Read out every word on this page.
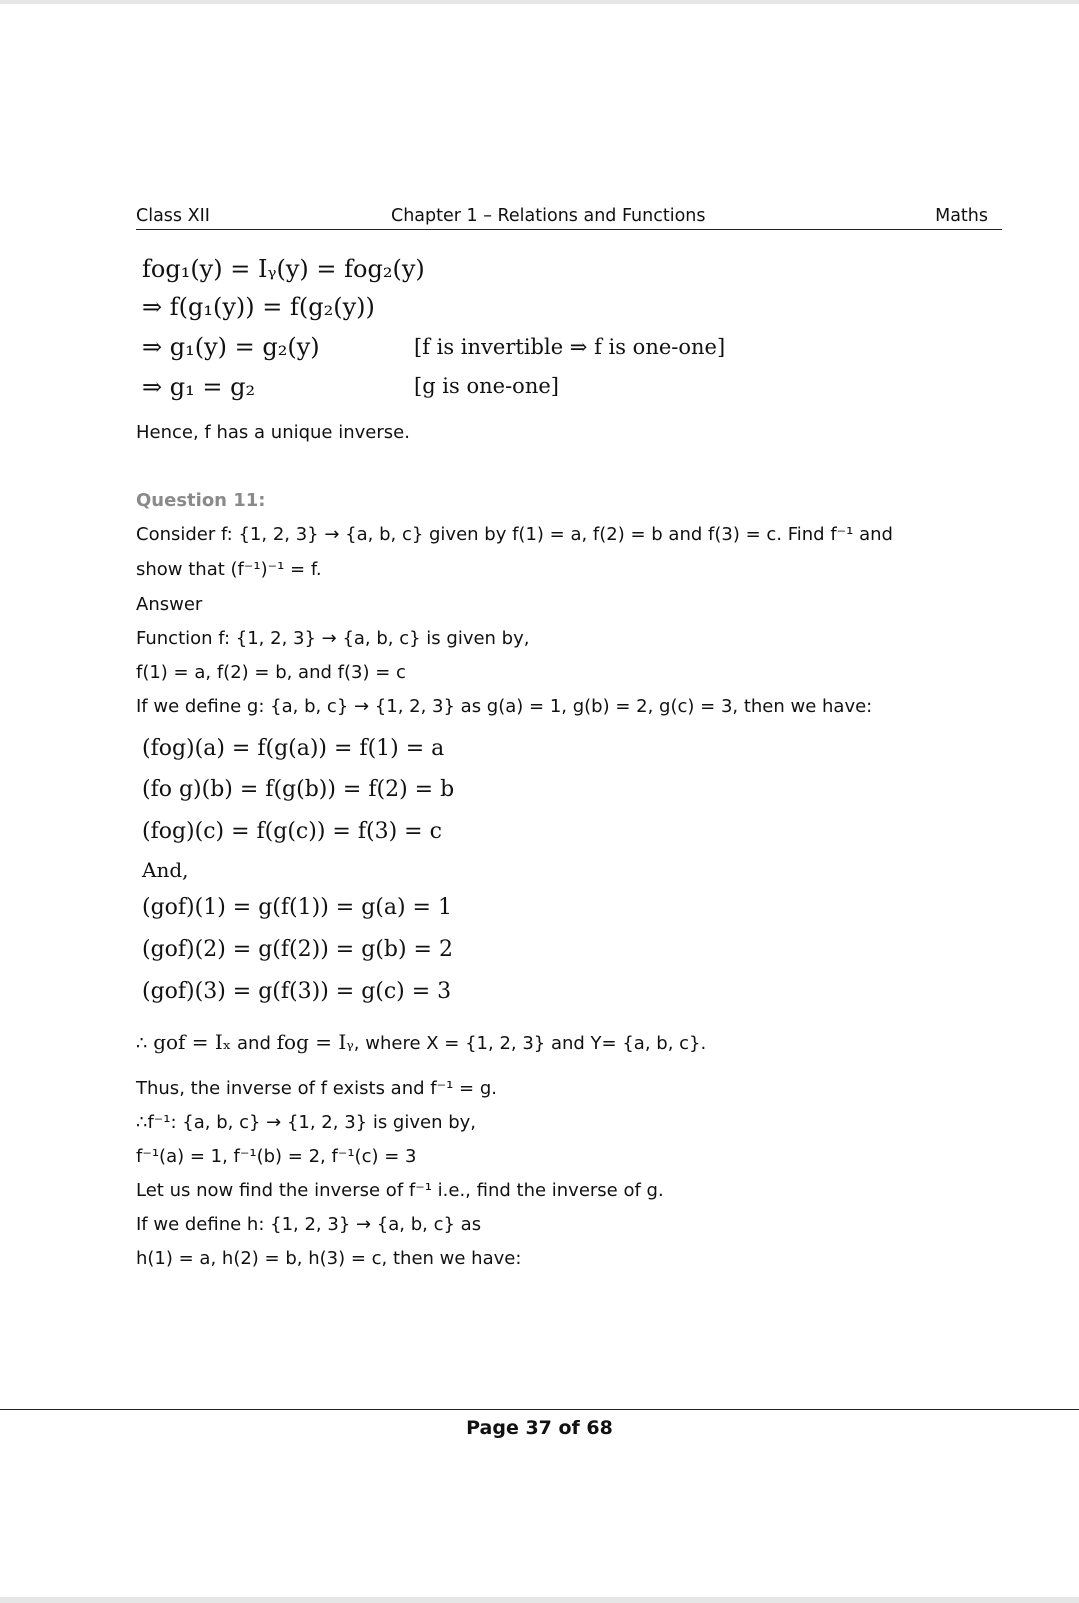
Class XII	Chapter 1 – Relations and Functions	Maths
fog₁(y) = Iᵧ(y) = fog₂(y)
⇒ f(g₁(y)) = f(g₂(y))
⇒ g₁(y) = g₂(y)	[f is invertible ⇒ f is one-one]
⇒ g₁ = g₂	[g is one-one]
Hence, f has a unique inverse.
Question 11:
Consider f: {1, 2, 3} → {a, b, c} given by f(1) = a, f(2) = b and f(3) = c. Find f⁻¹ and
show that (f⁻¹)⁻¹ = f.
Answer
Function f: {1, 2, 3} → {a, b, c} is given by,
f(1) = a, f(2) = b, and f(3) = c
If we define g: {a, b, c} → {1, 2, 3} as g(a) = 1, g(b) = 2, g(c) = 3, then we have:
(fog)(a) = f(g(a)) = f(1) = a
(fo g)(b) = f(g(b)) = f(2) = b
(fog)(c) = f(g(c)) = f(3) = c
And,
(gof)(1) = g(f(1)) = g(a) = 1
(gof)(2) = g(f(2)) = g(b) = 2
(gof)(3) = g(f(3)) = g(c) = 3
∴ gof = Iₓ and fog = Iᵧ, where X = {1, 2, 3} and Y= {a, b, c}.
Thus, the inverse of f exists and f⁻¹ = g.
∴f⁻¹: {a, b, c} → {1, 2, 3} is given by,
f⁻¹(a) = 1, f⁻¹(b) = 2, f⁻¹(c) = 3
Let us now find the inverse of f⁻¹ i.e., find the inverse of g.
If we define h: {1, 2, 3} → {a, b, c} as
h(1) = a, h(2) = b, h(3) = c, then we have:
Page 37 of 68
